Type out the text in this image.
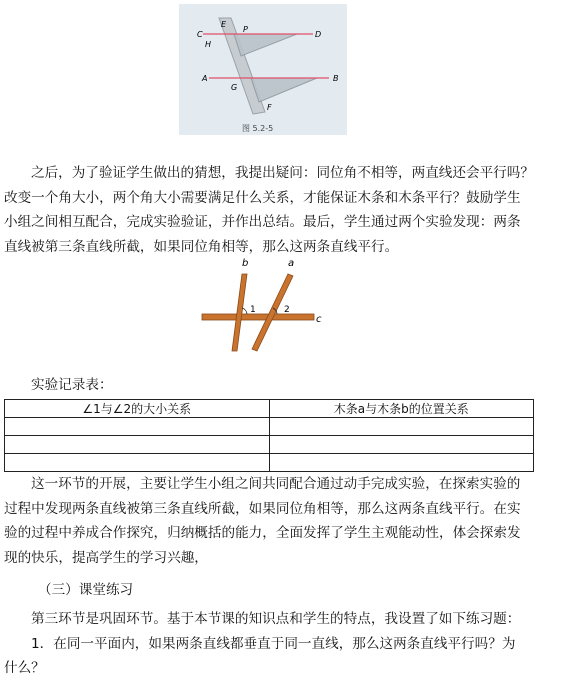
C
E
P
D
H
A
G
B
F
图 5.2-5
之后，为了验证学生做出的猜想，我提出疑问：同位角不相等，两直线还会平行吗？
改变一个角大小，两个角大小需要满足什么关系，才能保证木条和木条平行？鼓励学生
小组之间相互配合，完成实验验证，并作出总结。最后，学生通过两个实验发现：两条
直线被第三条直线所截，如果同位角相等，那么这两条直线平行。
b	a
c
1	2
实验记录表：
∠1与∠2的大小关系	木条a与木条b的位置关系

这一环节的开展，主要让学生小组之间共同配合通过动手完成实验，在探索实验的
过程中发现两条直线被第三条直线所截，如果同位角相等，那么这两条直线平行。在实
验的过程中养成合作探究，归纳概括的能力，全面发挥了学生主观能动性，体会探索发
现的快乐，提高学生的学习兴趣，
（三）课堂练习
第三环节是巩固环节。基于本节课的知识点和学生的特点，我设置了如下练习题：
1．在同一平面内，如果两条直线都垂直于同一直线，那么这两条直线平行吗？为
什么？
